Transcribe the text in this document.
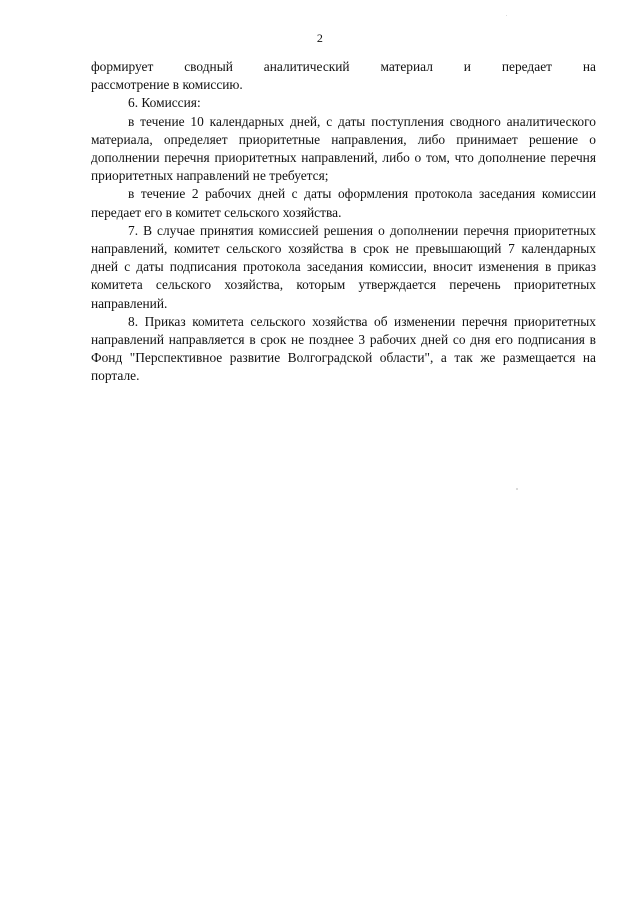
2

формирует сводный аналитический материал и передает на
рассмотрение в комиссию.

6. Комиссия:

в течение 10 календарных дней, с даты поступления сводного аналитического материала, определяет приоритетные направления, либо принимает решение о дополнении перечня приоритетных направлений, либо о том, что дополнение перечня приоритетных направлений не требуется;

в течение 2 рабочих дней с даты оформления протокола заседания комиссии передает его в комитет сельского хозяйства.

7. В случае принятия комиссией решения о дополнении перечня приоритетных направлений, комитет сельского хозяйства в срок не превышающий 7 календарных дней с даты подписания протокола заседания комиссии, вносит изменения в приказ комитета сельского хозяйства, которым утверждается перечень приоритетных направлений.

8. Приказ комитета сельского хозяйства об изменении перечня приоритетных направлений направляется в срок не позднее 3 рабочих дней со дня его подписания в Фонд "Перспективное развитие Волгоградской области", а так же размещается на портале.
